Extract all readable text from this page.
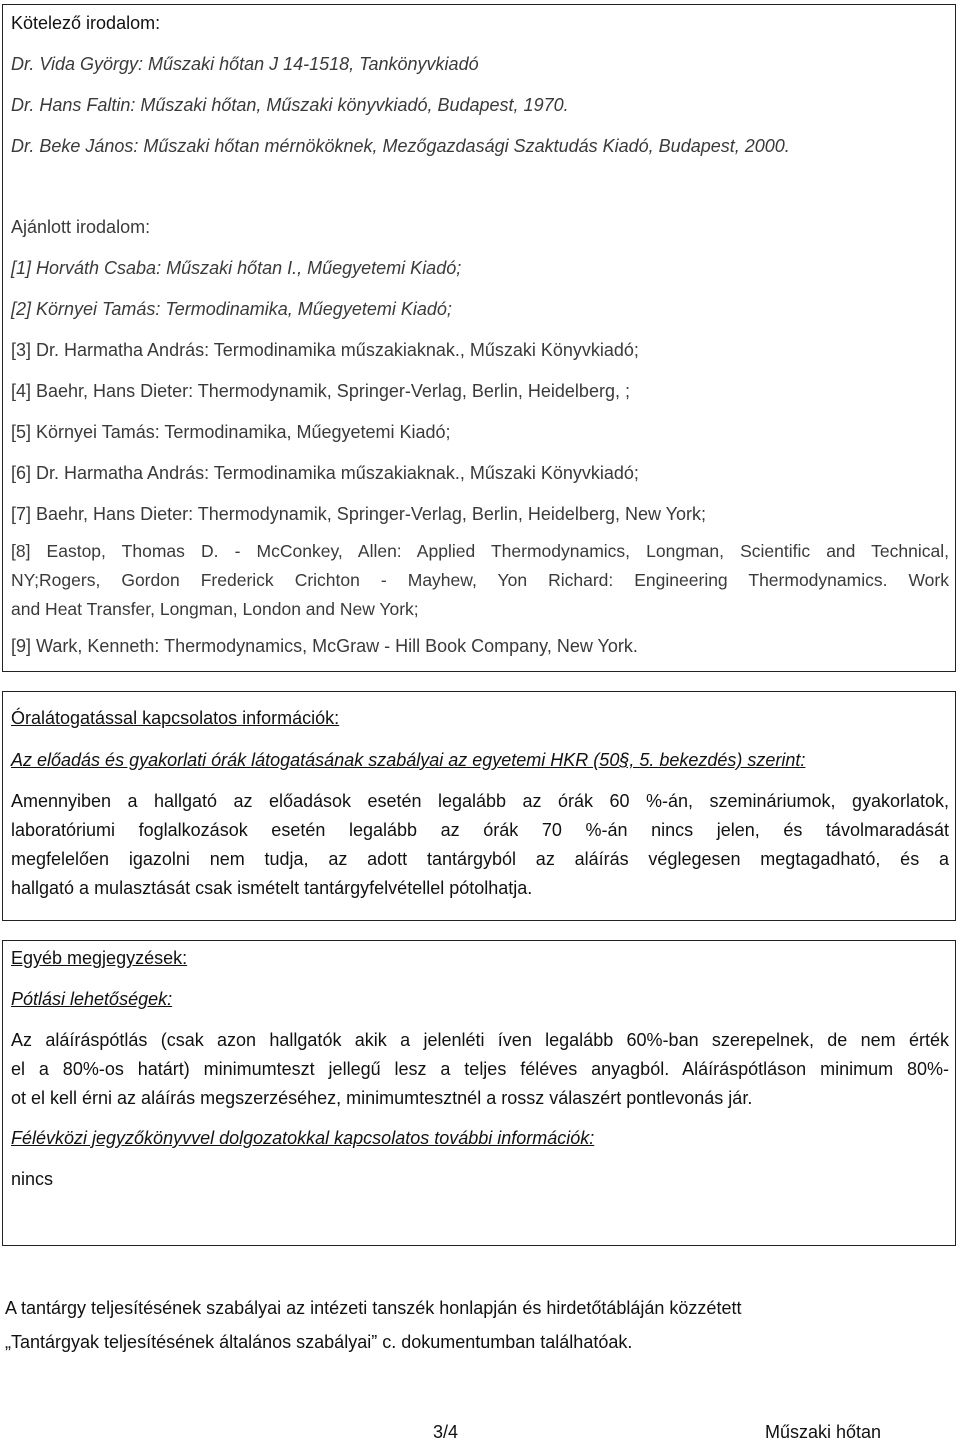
Kötelező irodalom:

Dr. Vida György: Műszaki hőtan J 14-1518, Tankönyvkiadó

Dr. Hans Faltin: Műszaki hőtan, Műszaki könyvkiadó, Budapest, 1970.

Dr. Beke János: Műszaki hőtan mérnököknek, Mezőgazdasági Szaktudás Kiadó, Budapest, 2000.

Ajánlott irodalom:

[1] Horváth Csaba: Műszaki hőtan I., Műegyetemi Kiadó;

[2] Környei Tamás: Termodinamika, Műegyetemi Kiadó;

[3] Dr. Harmatha András: Termodinamika műszakiaknak., Műszaki Könyvkiadó;

[4] Baehr, Hans Dieter: Thermodynamik, Springer-Verlag, Berlin, Heidelberg, ;

[5] Környei Tamás: Termodinamika, Műegyetemi Kiadó;

[6] Dr. Harmatha András: Termodinamika műszakiaknak., Műszaki Könyvkiadó;

[7] Baehr, Hans Dieter: Thermodynamik, Springer-Verlag, Berlin, Heidelberg, New York;

[8] Eastop, Thomas D. - McConkey, Allen: Applied Thermodynamics, Longman, Scientific and Technical,
NY;Rogers, Gordon Frederick Crichton - Mayhew, Yon Richard: Engineering Thermodynamics. Work
and Heat Transfer, Longman, London and New York;

[9] Wark, Kenneth: Thermodynamics, McGraw - Hill Book Company, New York.

Óralátogatással kapcsolatos információk:

Az előadás és gyakorlati órák látogatásának szabályai az egyetemi HKR (50§, 5. bekezdés) szerint:

Amennyiben a hallgató az előadások esetén legalább az órák 60 %-án, szemináriumok, gyakorlatok,
laboratóriumi foglalkozások esetén legalább az órák 70 %-án nincs jelen, és távolmaradását
megfelelően igazolni nem tudja, az adott tantárgyból az aláírás véglegesen megtagadható, és a
hallgató a mulasztását csak ismételt tantárgyfelvétellel pótolhatja.

Egyéb megjegyzések:

Pótlási lehetőségek:

Az aláíráspótlás (csak azon hallgatók akik a jelenléti íven legalább 60%-ban szerepelnek, de nem érték
el a 80%-os határt) minimumteszt jellegű lesz a teljes féléves anyagból. Aláíráspótláson minimum 80%-
ot el kell érni az aláírás megszerzéséhez, minimumtesztnél a rossz válaszért pontlevonás jár.

Félévközi jegyzőkönyvvel dolgozatokkal kapcsolatos további információk:

nincs

A tantárgy teljesítésének szabályai az intézeti tanszék honlapján és hirdetőtábláján közzétett

„Tantárgyak teljesítésének általános szabályai” c. dokumentumban találhatóak.

3/4	Műszaki hőtan
